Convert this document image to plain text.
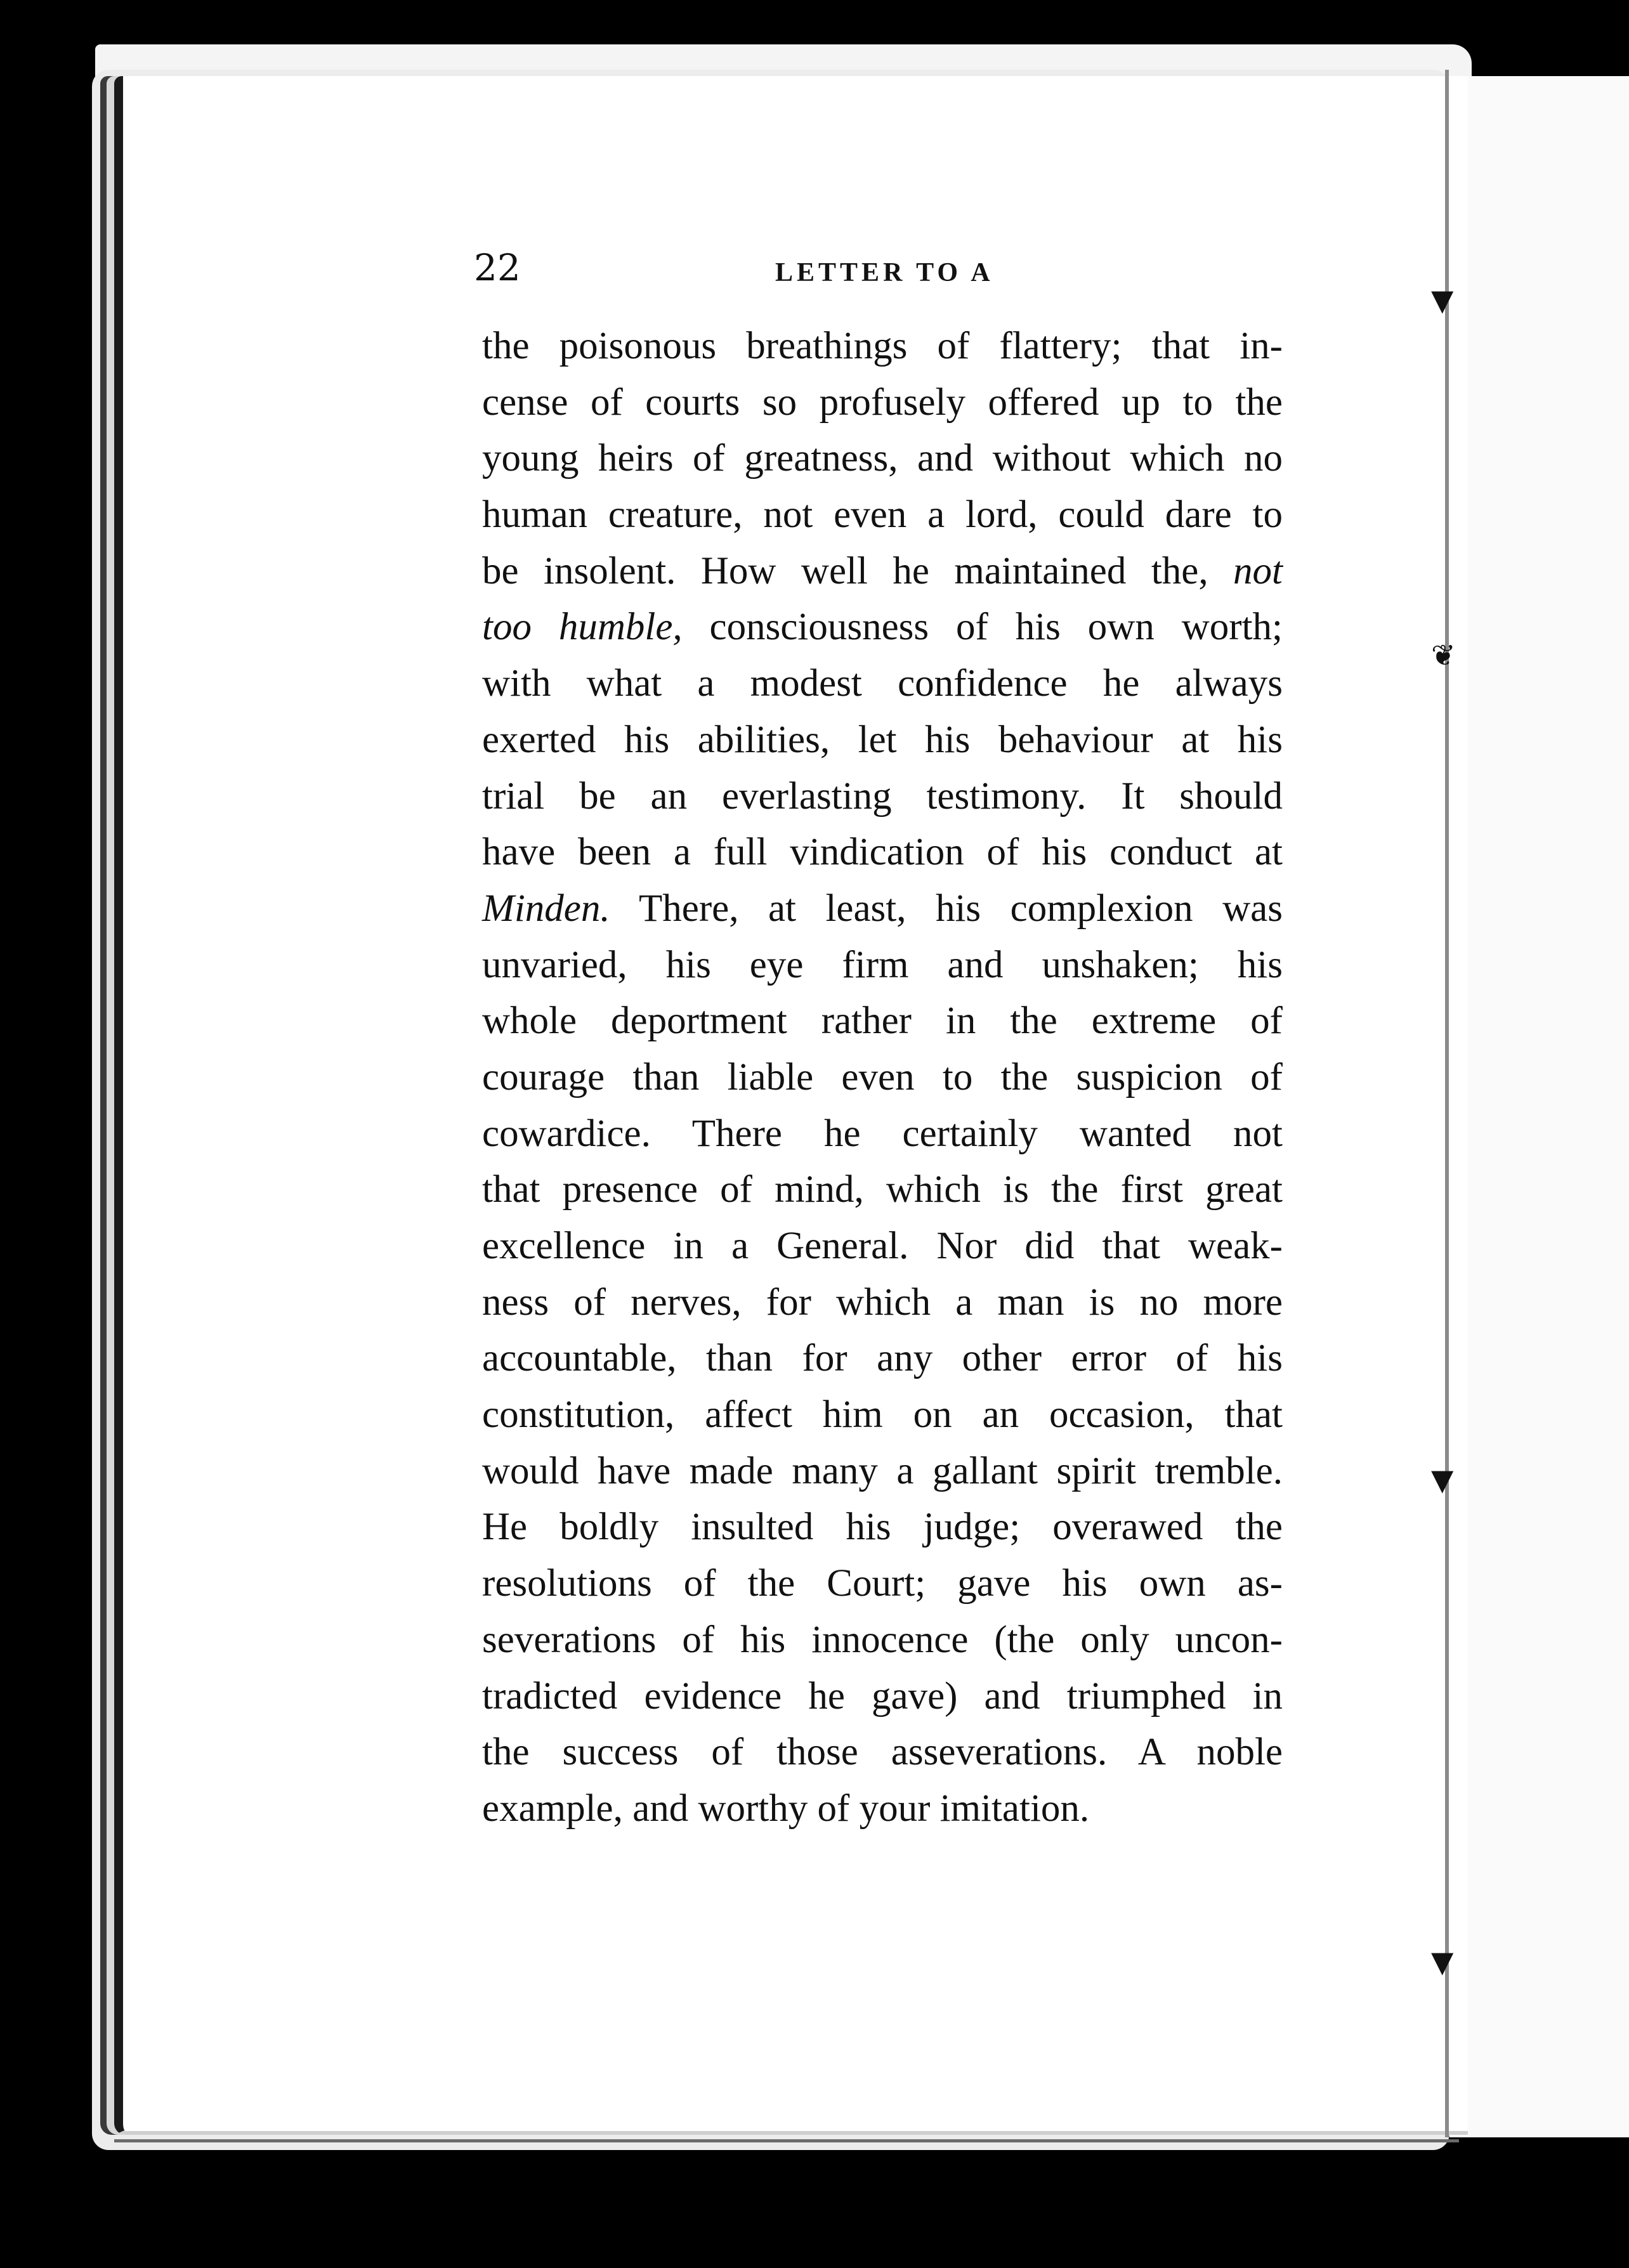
▼
❦
▼
▼
22	LETTER TO A
the poisonous breathings of flattery; that in-
cense of courts so profusely offered up to the
young heirs of greatness, and without which no
human creature, not even a lord, could dare to
be insolent. How well he maintained the, not
too humble, consciousness of his own worth;
with what a modest confidence he always
exerted his abilities, let his behaviour at his
trial be an everlasting testimony. It should
have been a full vindication of his conduct at
Minden. There, at least, his complexion was
unvaried, his eye firm and unshaken; his
whole deportment rather in the extreme of
courage than liable even to the suspicion of
cowardice. There he certainly wanted not
that presence of mind, which is the first great
excellence in a General. Nor did that weak-
ness of nerves, for which a man is no more
accountable, than for any other error of his
constitution, affect him on an occasion, that
would have made many a gallant spirit tremble.
He boldly insulted his judge; overawed the
resolutions of the Court; gave his own as-
severations of his innocence (the only uncon-
tradicted evidence he gave) and triumphed in
the success of those asseverations. A noble
example, and worthy of your imitation.
